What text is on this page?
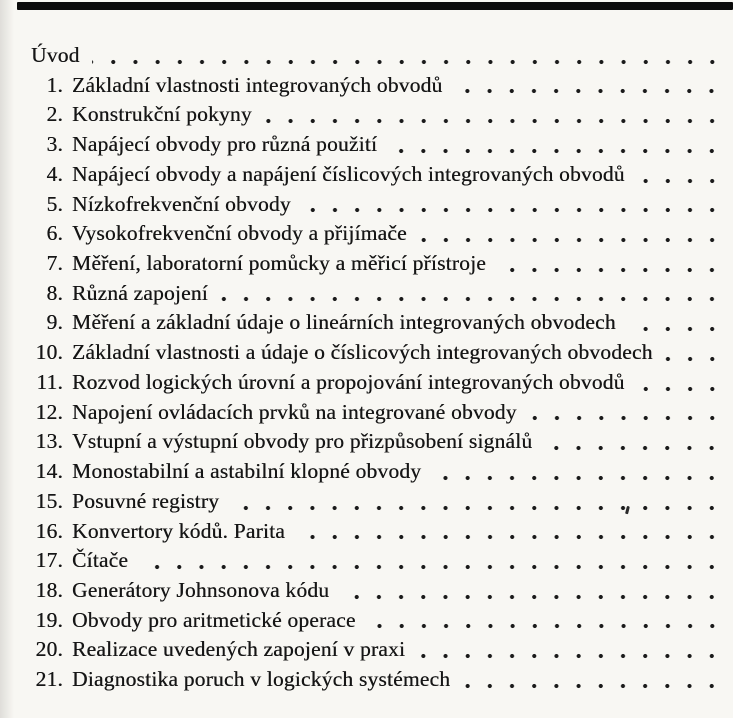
Úvod
1. Základní vlastnosti integrovaných obvodů
2. Konstrukční pokyny
3. Napájecí obvody pro různá použití
4. Napájecí obvody a napájení číslicových integrovaných obvodů
5. Nízkofrekvenční obvody
6. Vysokofrekvenční obvody a přijímače
7. Měření, laboratorní pomůcky a měřicí přístroje
8. Různá zapojení
9. Měření a základní údaje o lineárních integrovaných obvodech
10. Základní vlastnosti a údaje o číslicových integrovaných obvodech
11. Rozvod logických úrovní a propojování integrovaných obvodů
12. Napojení ovládacích prvků na integrované obvody
13. Vstupní a výstupní obvody pro přizpůsobení signálů
14. Monostabilní a astabilní klopné obvody
15. Posuvné registry
16. Konvertory kódů. Parita
17. Čítače
18. Generátory Johnsonova kódu
19. Obvody pro aritmetické operace
20. Realizace uvedených zapojení v praxi
21. Diagnostika poruch v logických systémech
